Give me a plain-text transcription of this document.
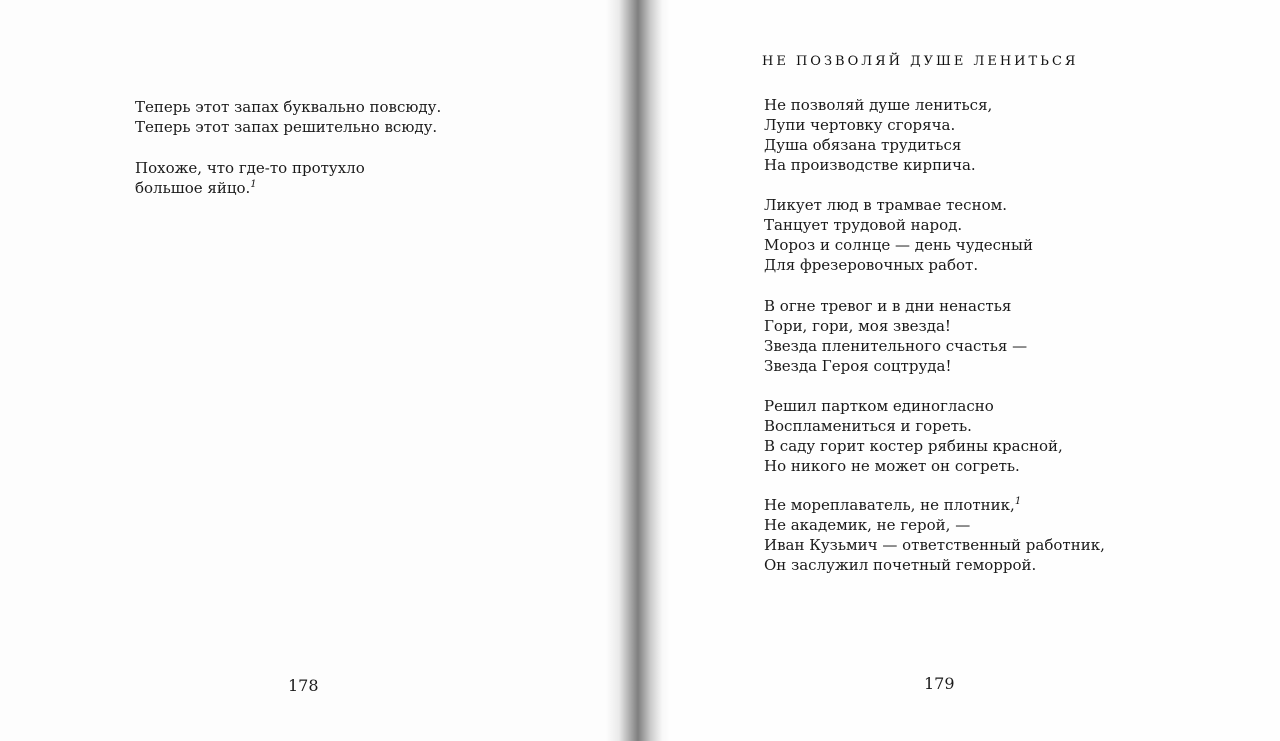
Теперь этот запах буквально повсюду.
Теперь этот запах решительно всюду.
Похоже, что где-то протухло
большое яйцо.$^1$
178
НЕ ПОЗВОЛЯЙ ДУШЕ ЛЕНИТЬСЯ
Не позволяй душе лениться,
Лупи чертовку сгоряча.
Душа обязана трудиться
На производстве кирпича.
Ликует люд в трамвае тесном.
Танцует трудовой народ.
Мороз и солнце — день чудесный
Для фрезеровочных работ.
В огне тревог и в дни ненастья
Гори, гори, моя звезда!
Звезда пленительного счастья —
Звезда Героя соцтруда!
Решил партком единогласно
Воспламениться и гореть.
В саду горит костер рябины красной,
Но никого не может он согреть.
Не мореплаватель, не плотник,$^1$
Не академик, не герой, —
Иван Кузьмич — ответственный работник,
Он заслужил почетный геморрой.
179
